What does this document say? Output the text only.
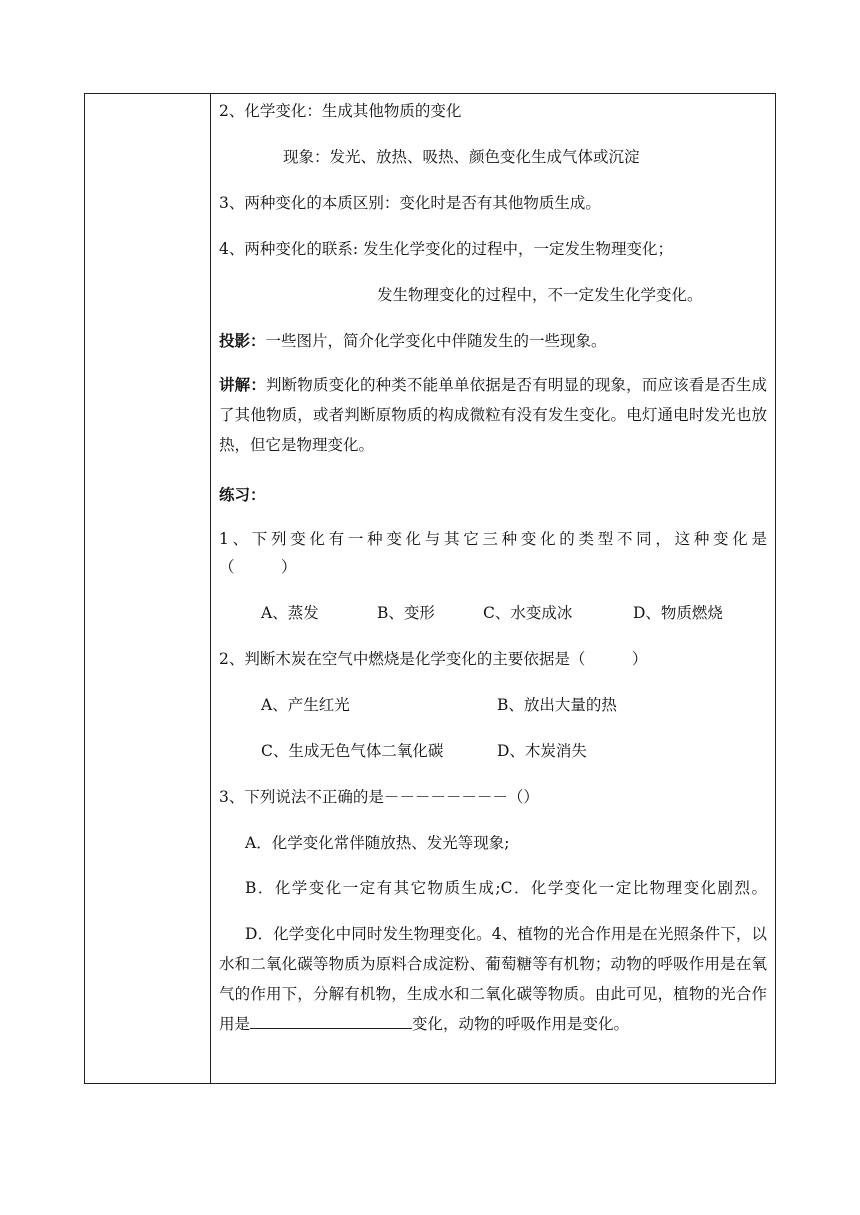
2、化学变化：生成其他物质的变化
现象：发光、放热、吸热、颜色变化生成气体或沉淀
3、两种变化的本质区别：变化时是否有其他物质生成。
4、两种变化的联系: 发生化学变化的过程中，一定发生物理变化；
发生物理变化的过程中，不一定发生化学变化。
投影：一些图片，简介化学变化中伴随发生的一些现象。
讲解：判断物质变化的种类不能单单依据是否有明显的现象，而应该看是否生成了其他物质，或者判断原物质的构成微粒有没有发生变化。电灯通电时发光也放热，但它是物理变化。
练习：
1、下列变化有一种变化与其它三种变化的类型不同，这种变化是
（　　　）
A、蒸发	B、变形	C、水变成冰	D、物质燃烧
2、判断木炭在空气中燃烧是化学变化的主要依据是（　　　）
A、产生红光	B、放出大量的热
C、生成无色气体二氧化碳	D、木炭消失
3、下列说法不正确的是－－－－－－－－（）
A．化学变化常伴随放热、发光等现象;
B．化学变化一定有其它物质生成;C．化学变化一定比物理变化剧烈。
D．化学变化中同时发生物理变化。4、植物的光合作用是在光照条件下，以水和二氧化碳等物质为原料合成淀粉、葡萄糖等有机物；动物的呼吸作用是在氧气的作用下，分解有机物，生成水和二氧化碳等物质。由此可见，植物的光合作用是	变化，动物的呼吸作用是变化。
